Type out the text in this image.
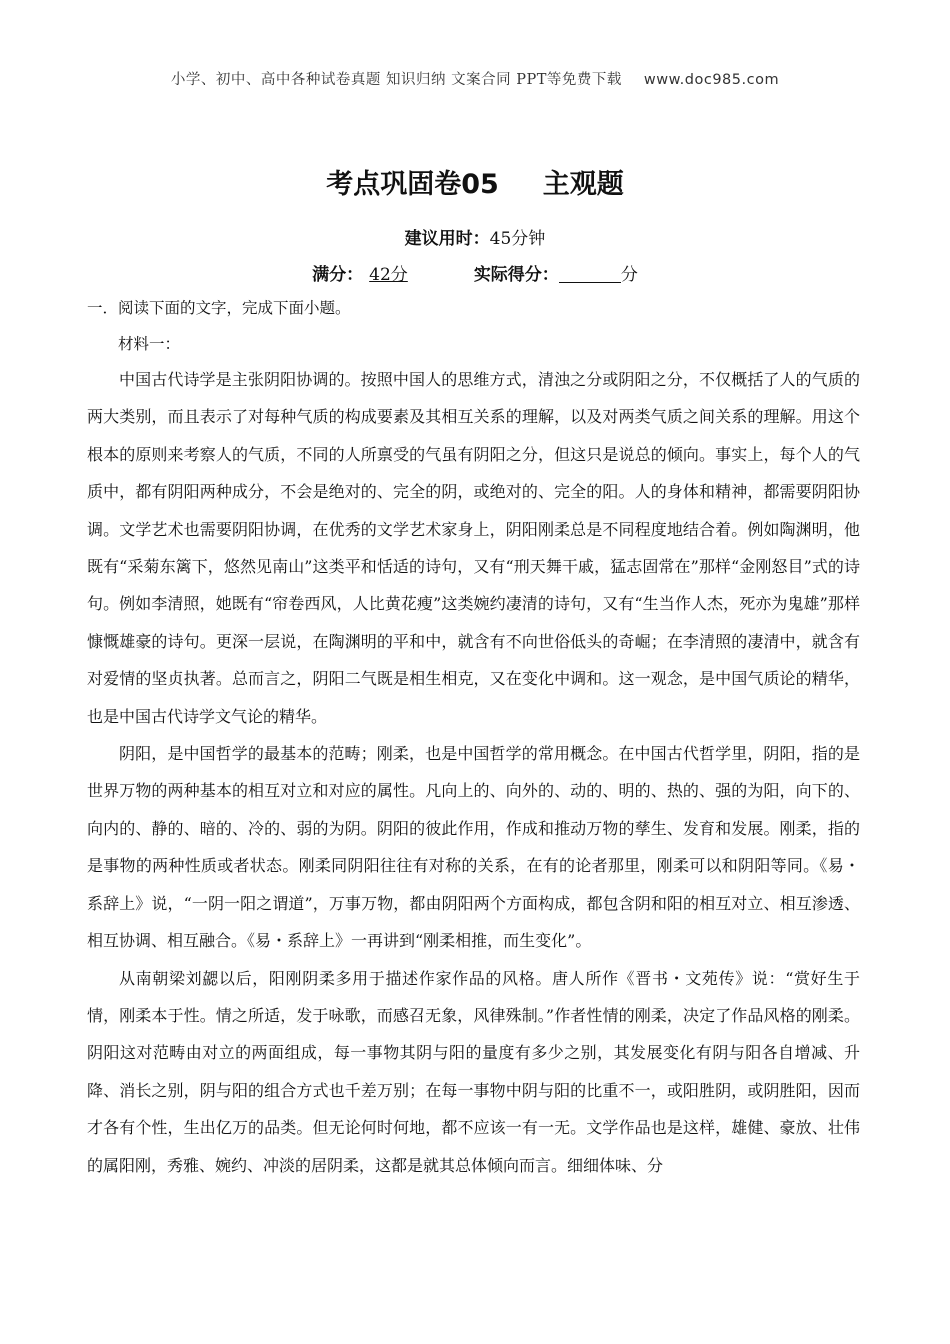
小学、初中、高中各种试卷真题 知识归纳 文案合同 PPT等免费下载 www.doc985.com
考点巩固卷05 主观题
建议用时：45分钟
满分： 42分	实际得分：	分
一．阅读下面的文字，完成下面小题。
材料一：

中国古代诗学是主张阴阳协调的。按照中国人的思维方式，清浊之分或阴阳之分，不仅概括了人的气质的两大类别，而且表示了对每种气质的构成要素及其相互关系的理解，以及对两类气质之间关系的理解。用这个根本的原则来考察人的气质，不同的人所禀受的气虽有阴阳之分，但这只是说总的倾向。事实上，每个人的气质中，都有阴阳两种成分，不会是绝对的、完全的阴，或绝对的、完全的阳。人的身体和精神，都需要阴阳协调。文学艺术也需要阴阳协调，在优秀的文学艺术家身上，阴阳刚柔总是不同程度地结合着。例如陶渊明，他既有“采菊东篱下，悠然见南山”这类平和恬适的诗句，又有“刑天舞干戚，猛志固常在”那样“金刚怒目”式的诗句。例如李清照，她既有“帘卷西风，人比黄花瘦”这类婉约凄清的诗句，又有“生当作人杰，死亦为鬼雄”那样慷慨雄豪的诗句。更深一层说，在陶渊明的平和中，就含有不向世俗低头的奇崛；在李清照的凄清中，就含有对爱情的坚贞执著。总而言之，阴阳二气既是相生相克，又在变化中调和。这一观念，是中国气质论的精华，也是中国古代诗学文气论的精华。

阴阳，是中国哲学的最基本的范畴；刚柔，也是中国哲学的常用概念。在中国古代哲学里，阴阳，指的是世界万物的两种基本的相互对立和对应的属性。凡向上的、向外的、动的、明的、热的、强的为阳，向下的、向内的、静的、暗的、冷的、弱的为阴。阴阳的彼此作用，作成和推动万物的孳生、发育和发展。刚柔，指的是事物的两种性质或者状态。刚柔同阴阳往往有对称的关系，在有的论者那里，刚柔可以和阴阳等同。《易・系辞上》说，“一阴一阳之谓道”，万事万物，都由阴阳两个方面构成，都包含阴和阳的相互对立、相互渗透、相互协调、相互融合。《易・系辞上》一再讲到“刚柔相推，而生变化”。

从南朝梁刘勰以后，阳刚阴柔多用于描述作家作品的风格。唐人所作《晋书・文苑传》说：“赏好生于情，刚柔本于性。情之所适，发于咏歌，而感召无象，风律殊制。”作者性情的刚柔，决定了作品风格的刚柔。阴阳这对范畴由对立的两面组成，每一事物其阴与阳的量度有多少之别，其发展变化有阴与阳各自增减、升降、消长之别，阴与阳的组合方式也千差万别；在每一事物中阴与阳的比重不一，或阳胜阴，或阴胜阳，因而才各有个性，生出亿万的品类。但无论何时何地，都不应该一有一无。文学作品也是这样，雄健、豪放、壮伟的属阳刚，秀雅、婉约、冲淡的居阴柔，这都是就其总体倾向而言。细细体味、分
